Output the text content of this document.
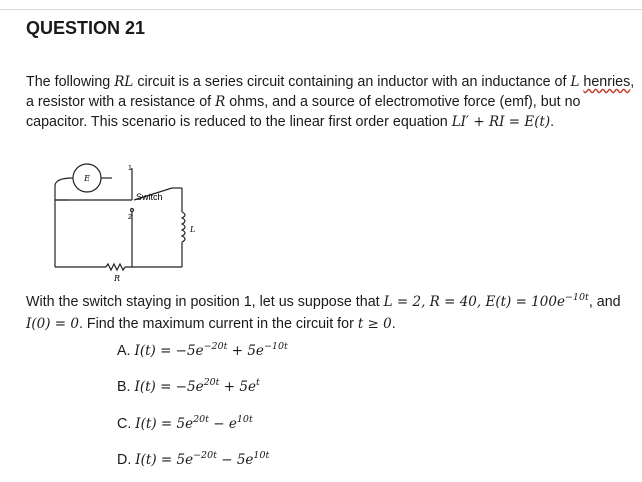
QUESTION 21
The following RL circuit is a series circuit containing an inductor with an inductance of L henries, a resistor with a resistance of R ohms, and a source of electromotive force (emf), but no capacitor. This scenario is reduced to the linear first order equation LI′ + RI = E(t).
E
Switch
1
2
L
R
With the switch staying in position 1, let us suppose that L = 2, R = 40, $E(t) = 100e^{-10t}$, and I(0) = 0. Find the maximum current in the circuit for t ≥ 0.
A. $I(t) = -5e^{-20t} + 5e^{-10t}$
B. $I(t) = -5e^{20t} + 5e^t$
C. $I(t) = 5e^{20t} - e^{10t}$
D. $I(t) = 5e^{-20t} - 5e^{10t}$
